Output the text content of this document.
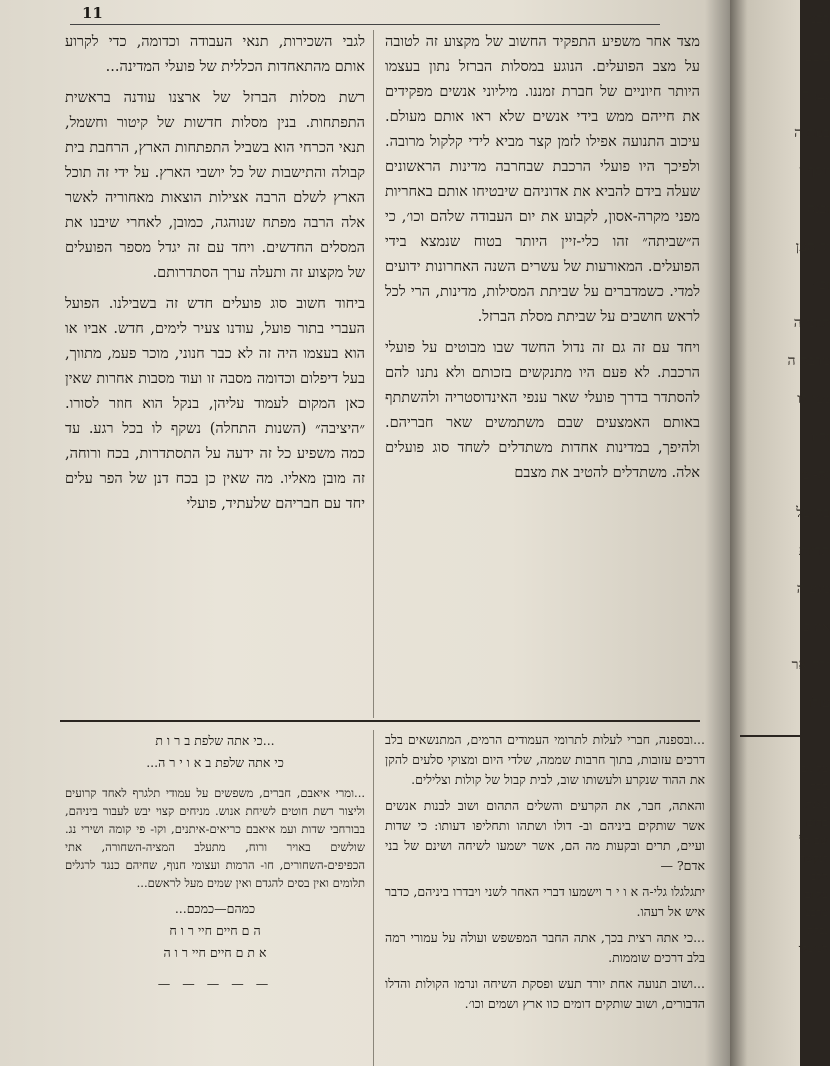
11

מצד אחר משפיע התפקיד החשוב של מקצוע זה לטובה על מצב הפועלים. הנוגע במסלות הברזל נתון בעצמו היותר חיוניים של חברת זמננו. מיליוני אנשים מפקידים את חייהם ממש בידי אנשים שלא ראו אותם מעולם. עיכוב התנועה אפילו לזמן קצר מביא לידי קלקול מרובה. ולפיכך היו פועלי הרכבת שבחרבה מדינות הראשונים שעלה בידם להביא את אדוניהם שיבטיחו אותם באחריות מפני מקרה-אסון, לקבוע את יום העבודה שלהם וכו׳, כי ה״שביתה״ זהו כלי-זיין היותר בטוח שנמצא בידי הפועלים. המאורעות של עשרים השנה האחרונות ידועים למדי. כשמדברים על שביתת המסילות, מדינות, הרי לכל לראש חושבים על שביתת מסלת הברזל.

ויחד עם זה גם זה נדול החשד שבו מבוטים על פועלי הרכבת. לא פעם היו מתנקשים בזכותם ולא נתנו להם להסתדר בדרך פועלי שאר ענפי האינדוסטריה ולהשתתף באותם האמצעים שבם משתמשים שאר חבריהם. ולהיפך, במדינות אחדות משתדלים לשחד סוג פועלים אלה. משתדלים להטיב את מצבם

לגבי השכירות, תנאי העבודה וכדומה, כדי לקרוע אותם מהתאחדות הכללית של פועלי המדינה...

רשת מסלות הברזל של ארצנו עודנה בראשית התפתחות. בנין מסלות חדשות של קיטור וחשמל, תנאי הכרחי הוא בשביל התפתחות הארץ, הרחבת בית קבולה והתישבות של כל יושבי הארץ. על ידי זה תוכל הארץ לשלם הרבה אצילות הוצאות מאחוריה לאשר אלה הרבה מפתח שנוהגה, כמובן, לאחרי שיבנו את המסלים החדשים. ויחד עם זה יגדל מספר הפועלים של מקצוע זה ותעלה ערך הסתדרותם.

ביחוד חשוב סוג פועלים חדש זה בשבילנו. הפועל העברי בתור פועל, עודנו צעיר לימים, חדש. אביו או הוא בעצמו היה זה לא כבר חנוני, מוכר פעמ, מתווך, בעל דיפלום וכדומה מסבה זו ועוד מסבות אחרות שאין כאן המקום לעמוד עליהן, בנקל הוא חוזר לסורו. ״היציבה״ (השנות התחלה) נשקף לו בכל רגע. עד כמה משפיע כל זה ידעה על התסתדרות, בכח ורוחה, זה מובן מאליו. מה שאין כן בכח דנן של הפר עלים יחד עם חבריהם שלעתיד, פועלי

...ובספנה, חברי לעלות לתרומי העמודים הרמים, המתנשאים בלב דרכים עזובות, בתוך חרבות שממה, שלדי היום ומצוקי סלעים להקן את ההוד שנקרע ולעשותו שוב, לבית קבול של קולות וצלילים.

והאתה, חבר, את הקרעים והשלים התהום ושוב לבנות אנשים אשר שותקים ביניהם וב- דולו ושתהו ותחליפו דעותו: כי שדות ועיים, תרים ובקעות מה הם, אשר ישמעו לשיחה ושינם של בני אדם? —

יתגלגלו גלי-ה א ו י ר וישמעו דברי האחר לשני ויבדרו ביניהם, כדבר איש אל רעהו.

...כי אתה רצית בכך, אתה החבר המפשפש ועולה על עמורי רמה בלב דרכים שוממות.

...ושוב תנועה אחת יורד תעש ופסקת השיחה ונרמו הקולות והדלו הדבורים, ושוב שותקים דומים כוו ארץ ושמים וכו׳.

...כי אתה שלפת ב ר ו ת
כי אתה שלפת ב א ו י ר ה...

...ומרי איאבם, חברים, משפשים על עמודי תלגרף לאחד קרועים וליצור רשת חוטים לשיחת אנוש. מניחים קצוי יבש לעבור ביניהם, בבורחבי שדות ועמ איאבם כריאים-איתנים, וקו- פי קומה ושירי נג. שולשים באויר ורוח, מתעלב המציה-השחורה, אתי הכפיפים-השחורים, חו- הרמות ועצומי חנוף, שחיהם כנגד לרגלים תלומים ואין בסים להגדם ואין שמים מעל לראשם...

כמהם—כמכם...
ה ם חיים חיי ר ו ח
א ת ם חיים חיי ר ו ה
— — — — —
רבני
ביבע
גען ה
בנות ה
יוסף ו
ובנה
יד הען
וכו׳
הזוני ה
מרבה ה
נשי לו
והיו
זה- מ
בה על
תריות
מנע ה
אין כ
ירה אר
עולו
על מב
הכה
באנה.
בתוכו
שם כל
לנקשר
הלכי
עליום
מרבצ
נבלת
המשקו
